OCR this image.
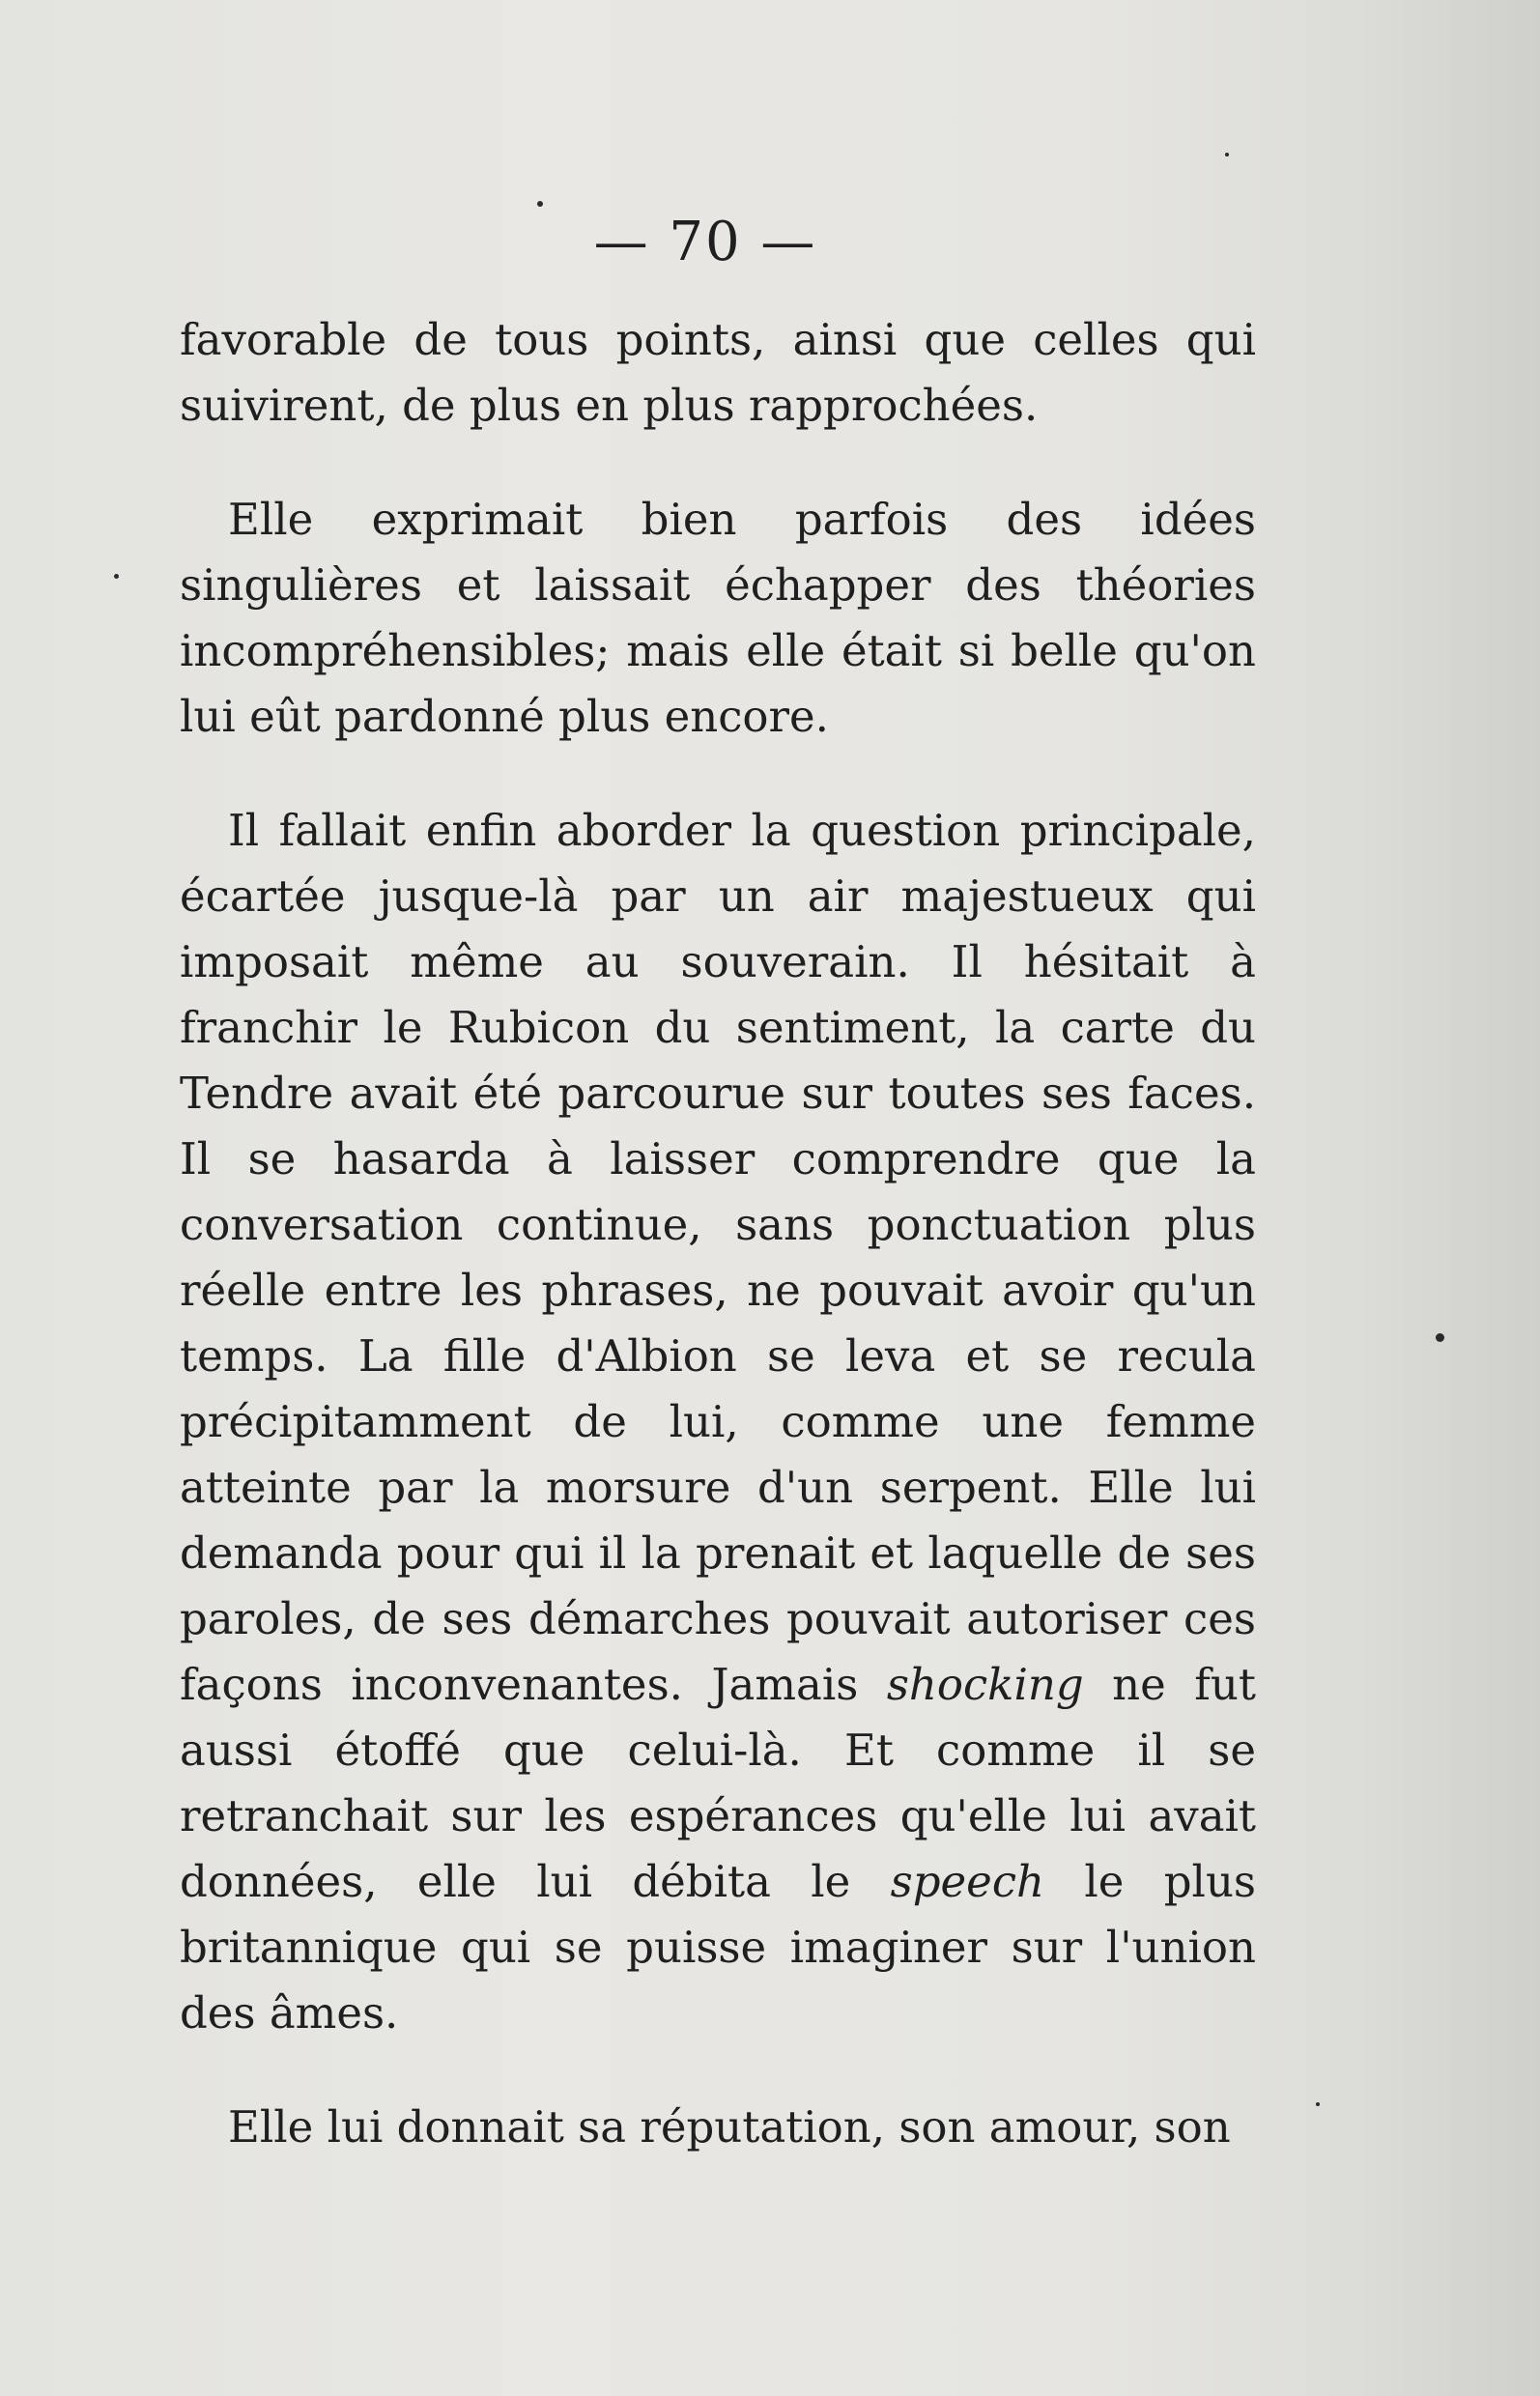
— 70 —

favorable de tous points, ainsi que celles qui suivirent, de plus en plus rapprochées.

Elle exprimait bien parfois des idées singulières et laissait échapper des théories incompréhensibles; mais elle était si belle qu'on lui eût pardonné plus encore.

Il fallait enfin aborder la question principale, écartée jusque-là par un air majestueux qui imposait même au souverain. Il hésitait à franchir le Rubicon du sentiment, la carte du Tendre avait été parcourue sur toutes ses faces. Il se hasarda à laisser comprendre que la conversation continue, sans ponctuation plus réelle entre les phrases, ne pouvait avoir qu'un temps. La fille d'Albion se leva et se recula précipitamment de lui, comme une femme atteinte par la morsure d'un serpent. Elle lui demanda pour qui il la prenait et laquelle de ses paroles, de ses démarches pouvait autoriser ces façons inconvenantes. Jamais shocking ne fut aussi étoffé que celui-là. Et comme il se retranchait sur les espérances qu'elle lui avait données, elle lui débita le speech le plus britannique qui se puisse imaginer sur l'union des âmes.

Elle lui donnait sa réputation, son amour, son
